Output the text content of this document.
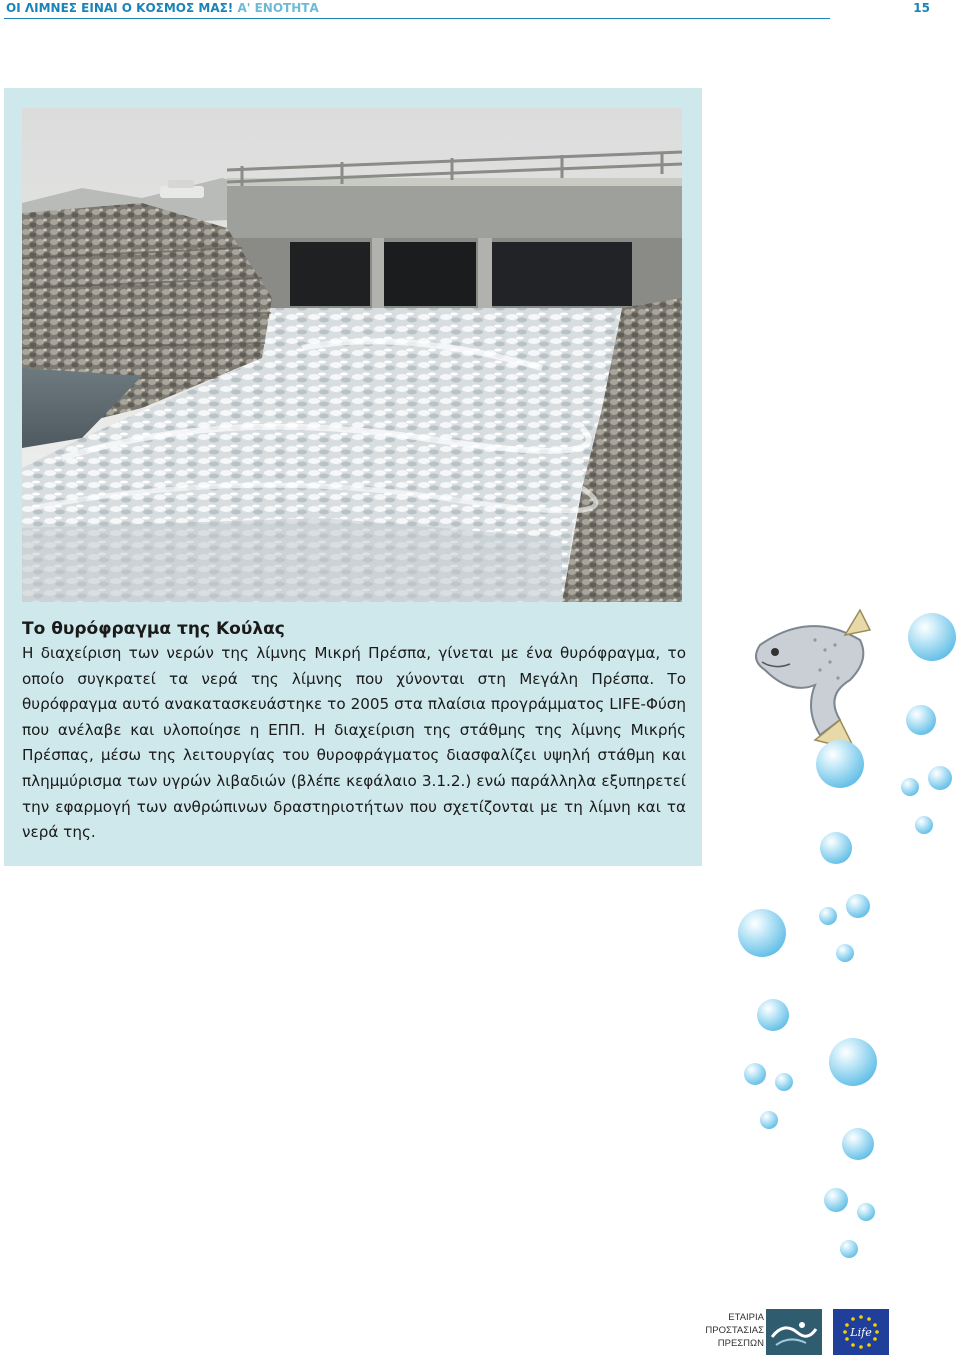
ΟΙ ΛΙΜΝΕΣ ΕΙΝΑΙ Ο ΚΟΣΜΟΣ ΜΑΣ! Α' ΕΝΟΤΗΤΑ	15

Το θυρόφραγμα της Κούλας

Η διαχείριση των νερών της λίμνης Μικρή Πρέσπα, γίνεται με ένα θυρόφραγμα, το οποίο συγκρατεί τα νερά της λίμνης που χύνονται στη Μεγάλη Πρέσπα. Το θυρόφραγμα αυτό ανακατασκευάστηκε το 2005 στα πλαίσια προγράμματος LIFE-Φύση που ανέλαβε και υλοποίησε η ΕΠΠ. Η διαχείριση της στάθμης της λίμνης Μικρής Πρέσπας, μέσω της λειτουργίας του θυροφράγματος διασφαλίζει υψηλή στάθμη και πλημμύρισμα των υγρών λιβαδιών (βλέπε κεφάλαιο 3.1.2.) ενώ παράλληλα εξυπηρετεί την εφαρμογή των ανθρώπινων δραστηριοτήτων που σχετίζονται με τη λίμνη και τα νερά της.

ΕΤΑΙΡΙΑ
ΠΡΟΣΤΑΣΙΑΣ
ΠΡΕΣΠΩΝ
Life
